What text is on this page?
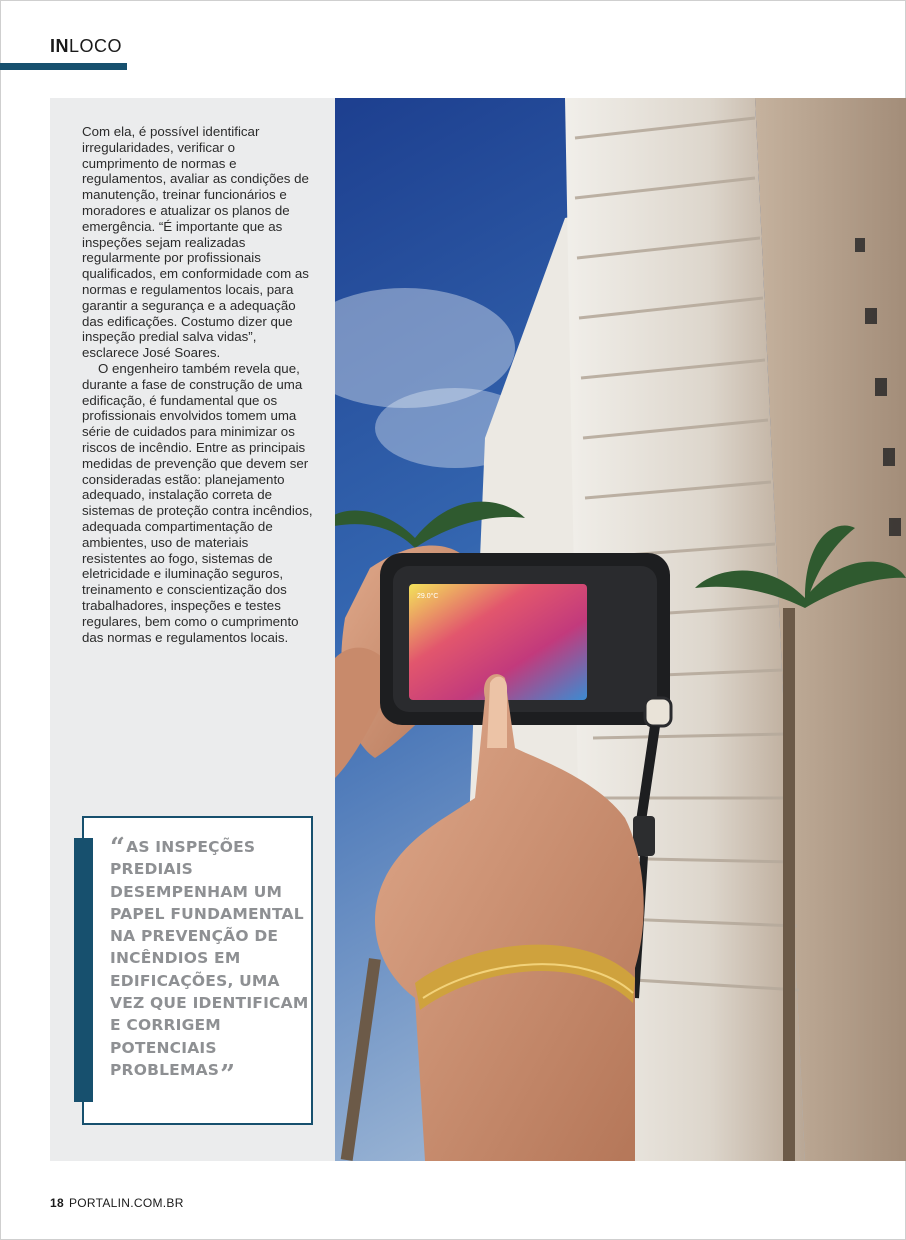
INLOCO

Com ela, é possível identificar irregularidades, verificar o cumprimento de normas e regulamentos, avaliar as condições de manutenção, treinar funcionários e moradores e atualizar os planos de emergência. “É importante que as inspeções sejam realizadas regularmente por profissionais qualificados, em conformidade com as normas e regulamentos locais, para garantir a segurança e a adequação das edificações. Costumo dizer que inspeção predial salva vidas”, esclarece José Soares.

O engenheiro também revela que, durante a fase de construção de uma edificação, é fundamental que os profissionais envolvidos tomem uma série de cuidados para minimizar os riscos de incêndio. Entre as principais medidas de prevenção que devem ser consideradas estão: planejamento adequado, instalação correta de sistemas de proteção contra incêndios, adequada compartimentação de ambientes, uso de materiais resistentes ao fogo, sistemas de eletricidade e iluminação seguros, treinamento e conscientização dos trabalhadores, inspeções e testes regulares, bem como o cumprimento das normas e regulamentos locais.

“AS INSPEÇÕES PREDIAIS DESEMPENHAM UM PAPEL FUNDAMENTAL NA PREVENÇÃO DE INCÊNDIOS EM EDIFICAÇÕES, UMA VEZ QUE IDENTIFICAM E CORRIGEM POTENCIAIS PROBLEMAS”
29.0°C
18 PORTALIN.COM.BR
